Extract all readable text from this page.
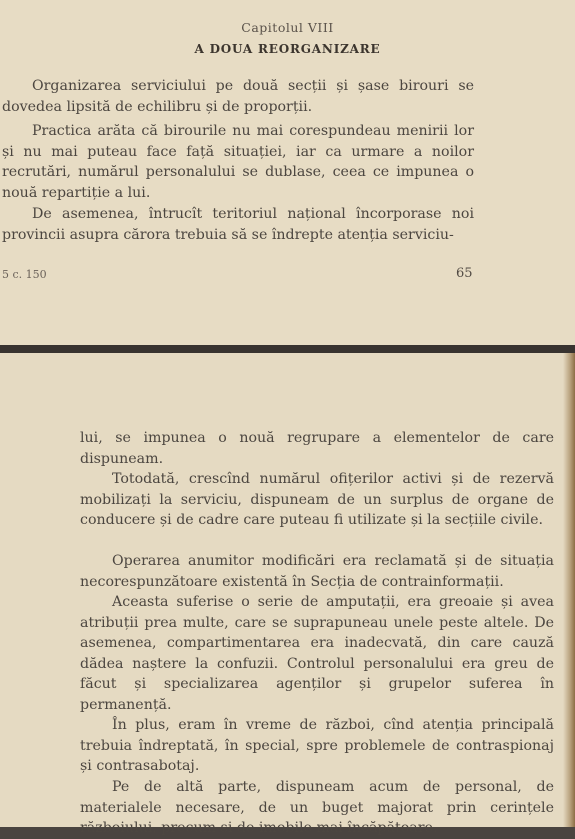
Capitolul VIII

A DOUA REORGANIZARE

Organizarea serviciului pe două secții și șase birouri se dovedea lipsită de echilibru și de proporții.

Practica arăta că birourile nu mai corespundeau menirii lor și nu mai puteau face față situației, iar ca urmare a noilor recrutări, numărul personalului se dublase, ceea ce impunea o nouă repartiție a lui.

De asemenea, întrucît teritoriul național încorporase noi provincii asupra cărora trebuia să se îndrepte atenția serviciu-

5 c. 150	65

lui, se impunea o nouă regrupare a elementelor de care dispuneam.

Totodată, crescînd numărul ofițerilor activi și de rezervă mobilizați la serviciu, dispuneam de un surplus de organe de conducere și de cadre care puteau fi utilizate și la secțiile civile.

Operarea anumitor modificări era reclamată și de situația necorespunzătoare existentă în Secția de contrainformații.

Aceasta suferise o serie de amputații, era greoaie și avea atribuții prea multe, care se suprapuneau unele peste altele. De asemenea, compartimentarea era inadecvată, din care cauză dădea naștere la confuzii. Controlul personalului era greu de făcut și specializarea agenților și grupelor suferea în permanență.

În plus, eram în vreme de război, cînd atenția principală trebuia îndreptată, în special, spre problemele de contraspionaj și contrasabotaj.

Pe de altă parte, dispuneam acum de personal, de materialele necesare, de un buget majorat prin cerințele războiului, precum și de imobile mai încăpătoare.
